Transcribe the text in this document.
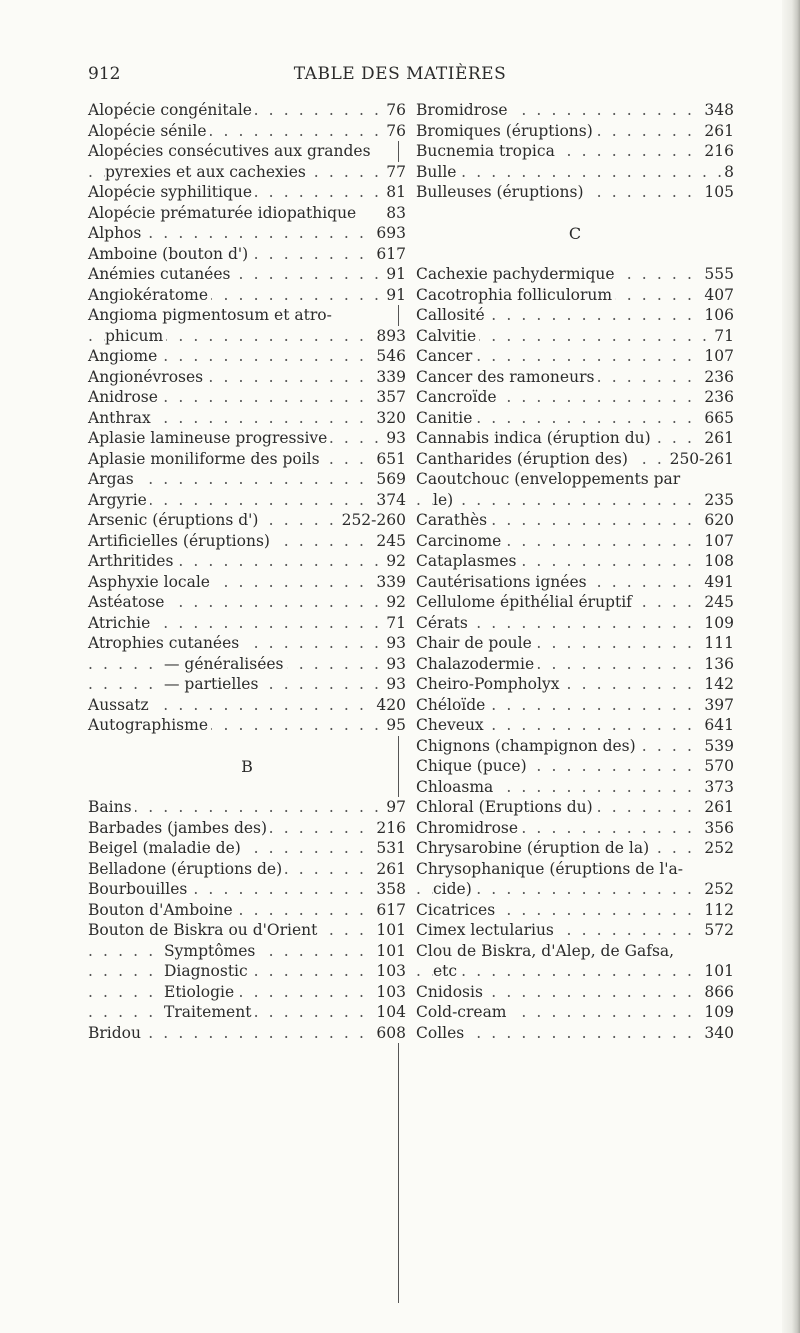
912	TABLE DES MATIÈRES
. . . Alopécie congénitale	76
. . . Alopécie sénile	76
Alopécies consécutives aux grandes
. . . pyrexies et aux cachexies	77
. . . Alopécie syphilitique	81
Alopécie prématurée idiopathique 83
. . . Alphos	693
. . . Amboine (bouton d')	617
. . . Anémies cutanées	91
. . . Angiokératome	91
Angioma pigmentosum et atro-
. . . phicum	893
. . . Angiome	546
. . . Angionévroses	339
. . . Anidrose	357
. . . Anthrax	320
. . . Aplasie lamineuse progressive	93
. . . Aplasie moniliforme des poils	651
. . . Argas	569
. . . Argyrie	374
. . . Arsenic (éruptions d')	252-260
. . . Artificielles (éruptions)	245
. . . Arthritides	92
. . . Asphyxie locale	339
. . . Astéatose	92
. . . Atrichie	71
. . . Atrophies cutanées	93
. . . — généralisées	93
. . . — partielles	93
. . . Aussatz	420
. . . Autographisme	95
B
. . . Bains	97
. . . Barbades (jambes des)	216
. . . Beigel (maladie de)	531
. . . Belladone (éruptions de)	261
. . . Bourbouilles	358
. . . Bouton d'Amboine	617
. . . Bouton de Biskra ou d'Orient	101
. . . Symptômes	101
. . . Diagnostic	103
. . . Etiologie	103
. . . Traitement	104
. . . Bridou	608
. . . Bromidrose	348
. . . Bromiques (éruptions)	261
. . . Bucnemia tropica	216
. . . Bulle	8
. . . Bulleuses (éruptions)	105
C
. . . Cachexie pachydermique	555
. . . Cacotrophia folliculorum	407
. . . Callosité	106
. . . Calvitie	71
. . . Cancer	107
. . . Cancer des ramoneurs	236
. . . Cancroïde	236
. . . Canitie	665
. . . Cannabis indica (éruption du)	261
. . . Cantharides (éruption des)	250-261
Caoutchouc (enveloppements par
. . . le)	235
. . . Carathès	620
. . . Carcinome	107
. . . Cataplasmes	108
. . . Cautérisations ignées	491
. . . Cellulome épithélial éruptif	245
. . . Cérats	109
. . . Chair de poule	111
. . . Chalazodermie	136
. . . Cheiro-Pompholyx	142
. . . Chéloïde	397
. . . Cheveux	641
. . . Chignons (champignon des)	539
. . . Chique (puce)	570
. . . Chloasma	373
. . . Chloral (Eruptions du)	261
. . . Chromidrose	356
. . . Chrysarobine (éruption de la)	252
Chrysophanique (éruptions de l'a-
. . . cide)	252
. . . Cicatrices	112
. . . Cimex lectularius	572
Clou de Biskra, d'Alep, de Gafsa,
. . . etc	101
. . . Cnidosis	866
. . . Cold-cream	109
. . . Colles	340
